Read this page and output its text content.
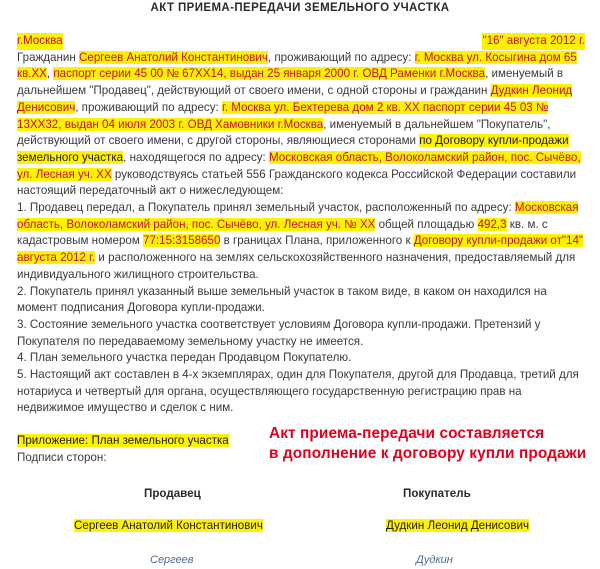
АКТ ПРИЕМА-ПЕРЕДАЧИ ЗЕМЕЛЬНОГО УЧАСТКА
г.Москва	"16" августа 2012 г.

Гражданин Сергеев Анатолий Константинович, проживающий по адресу: г. Москва ул. Косыгина дом 65 кв.XX, паспорт серии 45 00 № 67XX14, выдан 25 января 2000 г. ОВД Раменки г.Москва, именуемый в дальнейшем "Продавец", действующий от своего имени, с одной стороны и гражданин Дудкин Леонид Денисович, проживающий по адресу: г. Москва ул. Бехтерева дом 2 кв. XX паспорт серии 45 03 № 13XX32, выдан 04 июля 2003 г. ОВД Хамовники г.Москва, именуемый в дальнейшем "Покупатель", действующий от своего имени, с другой стороны, являющиеся сторонами по Договору купли-продажи земельного участка, находящегося по адресу: Московская область, Волоколамский район, пос. Сычёво, ул. Лесная уч. XX руководствуясь статьей 556 Гражданского кодекса Российской Федерации составили настоящий передаточный акт о нижеследующем:

1. Продавец передал, а Покупатель принял земельный участок, расположенный по адресу: Московская область, Волоколамский район, пос. Сычёво, ул. Лесная уч. № XX общей площадью 492,3 кв. м. с кадастровым номером 77:15:3158650 в границах Плана, приложенного к Договору купли-продажи от"14" августа 2012 г. и расположенного на землях сельскохозяйственного назначения, предоставляемый для индивидуального жилищного строительства.

2. Покупатель принял указанный выше земельный участок в таком виде, в каком он находился на момент подписания Договора купли-продажи.

3. Состояние земельного участка соответствует условиям Договора купли-продажи. Претензий у Покупателя по передаваемому земельному участку не имеется.

4. План земельного участка передан Продавцом Покупателю.

5. Настоящий акт составлен в 4-х экземплярах, один для Покупателя, другой для Продавца, третий для нотариуса и четвертый для органа, осуществляющего государственную регистрацию прав на недвижимое имущество и сделок с ним.

Приложение: План земельного участка

Подписи сторон:

Акт приема-передачи составляется
в дополнение к договору купли продажи
Продавец	Покупатель
Сергеев Анатолий Константинович	Дудкин Леонид Денисович
Сергеев	Дудкин
